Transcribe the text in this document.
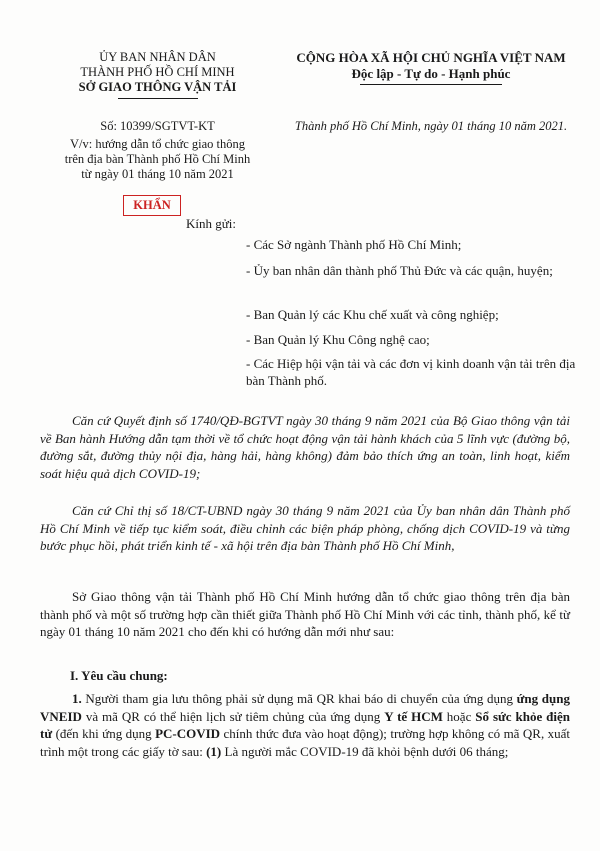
ỦY BAN NHÂN DÂN
THÀNH PHỐ HỒ CHÍ MINH
SỞ GIAO THÔNG VẬN TẢI
CỘNG HÒA XÃ HỘI CHỦ NGHĨA VIỆT NAM
Độc lập - Tự do - Hạnh phúc
Số: 10399/SGTVT-KT	Thành phố Hồ Chí Minh, ngày 01 tháng 10 năm 2021.
V/v: hướng dẫn tổ chức giao thông
trên địa bàn Thành phố Hồ Chí Minh
từ ngày 01 tháng 10 năm 2021
KHẨN
Kính gửi:
- Các Sở ngành Thành phố Hồ Chí Minh;
- Ủy ban nhân dân thành phố Thủ Đức và các quận, huyện;
- Ban Quản lý các Khu chế xuất và công nghiệp;
- Ban Quản lý Khu Công nghệ cao;
- Các Hiệp hội vận tải và các đơn vị kinh doanh vận tải trên địa bàn Thành phố.
Căn cứ Quyết định số 1740/QĐ-BGTVT ngày 30 tháng 9 năm 2021 của Bộ Giao thông vận tải về Ban hành Hướng dẫn tạm thời về tổ chức hoạt động vận tải hành khách của 5 lĩnh vực (đường bộ, đường sắt, đường thủy nội địa, hàng hải, hàng không) đảm bảo thích ứng an toàn, linh hoạt, kiểm soát hiệu quả dịch COVID-19;
Căn cứ Chỉ thị số 18/CT-UBND ngày 30 tháng 9 năm 2021 của Ủy ban nhân dân Thành phố Hồ Chí Minh về tiếp tục kiểm soát, điều chỉnh các biện pháp phòng, chống dịch COVID-19 và từng bước phục hồi, phát triển kinh tế - xã hội trên địa bàn Thành phố Hồ Chí Minh,
Sở Giao thông vận tải Thành phố Hồ Chí Minh hướng dẫn tổ chức giao thông trên địa bàn thành phố và một số trường hợp cần thiết giữa Thành phố Hồ Chí Minh với các tỉnh, thành phố, kể từ ngày 01 tháng 10 năm 2021 cho đến khi có hướng dẫn mới như sau:
I. Yêu cầu chung:
1. Người tham gia lưu thông phải sử dụng mã QR khai báo di chuyển của ứng dụng ứng dụng VNEID và mã QR có thể hiện lịch sử tiêm chủng của ứng dụng Y tế HCM hoặc Sổ sức khỏe điện tử (đến khi ứng dụng PC-COVID chính thức đưa vào hoạt động); trường hợp không có mã QR, xuất trình một trong các giấy tờ sau: (1) Là người mắc COVID-19 đã khỏi bệnh dưới 06 tháng;
